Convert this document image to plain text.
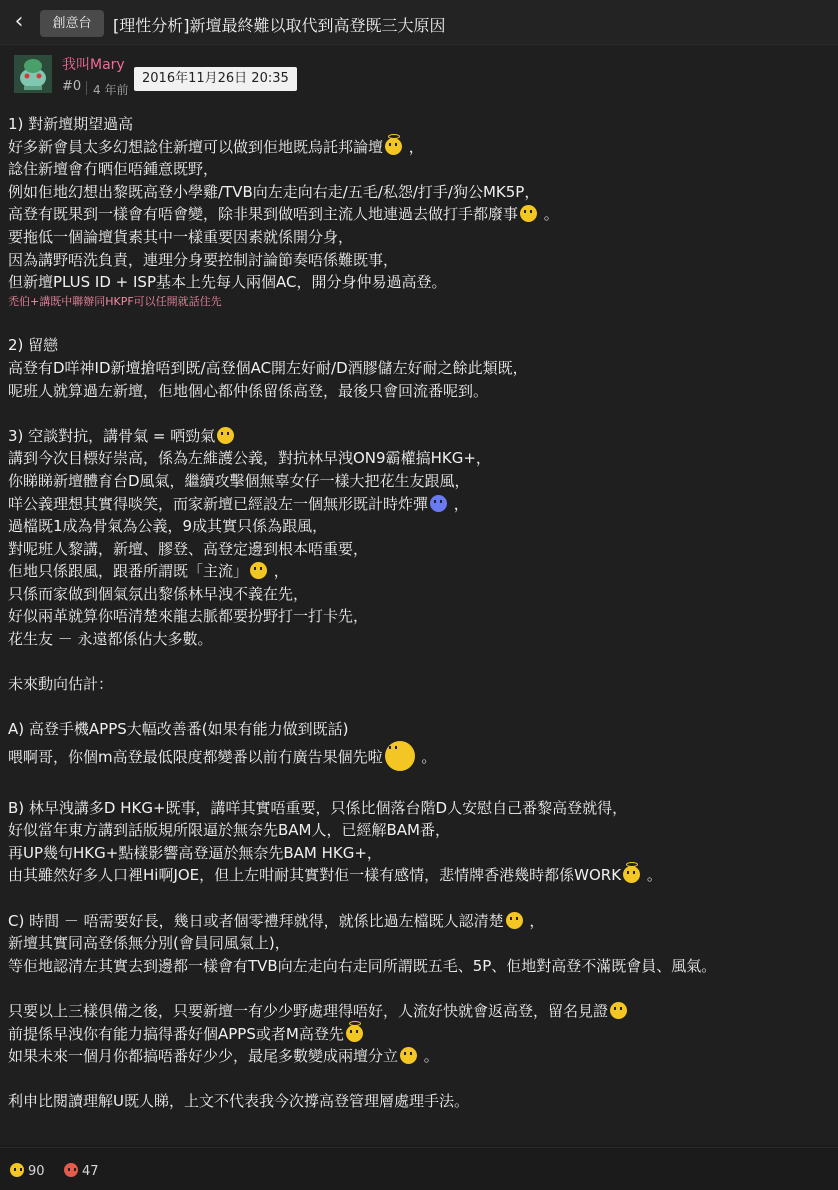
‹	創意台	[理性分析]新壇最終難以取代到高登既三大原因
我叫Mary
#0 4 年前
2016年11月26日 20:35
1) 對新壇期望過高
好多新會員太多幻想諗住新壇可以做到佢地既烏託邦論壇 ，
諗住新壇會冇晒佢唔鍾意既野，
例如佢地幻想出黎既高登小學雞/TVB向左走向右走/五毛/私怨/打手/狗公MK5P，
高登有既果到一樣會有唔會變，除非果到做唔到主流人地連過去做打手都廢事 。
要拖低一個論壇貨素其中一樣重要因素就係開分身，
因為講野唔洗負責，連理分身要控制討論節奏唔係難既事，
但新壇PLUS ID + ISP基本上先每人兩個AC，開分身仲易過高登。
禿伯+講既中聯辦同HKPF可以任開就話住先
2) 留戀
高登有D咩神ID新壇搶唔到既/高登個AC開左好耐/D酒膠儲左好耐之餘此類既，
呢班人就算過左新壇，佢地個心都仲係留係高登，最後只會回流番呢到。
3) 空談對抗，講骨氣 = 哂勁氣
講到今次目標好崇高，係為左維護公義，對抗林早洩ON9霸權搞HKG+，
你睇睇新壇體育台D風氣，繼續攻擊個無辜女仔一樣大把花生友跟風，
咩公義理想其實得啖笑，而家新壇已經設左一個無形既計時炸彈 ，
過檔既1成為骨氣為公義，9成其實只係為跟風，
對呢班人黎講，新壇、膠登、高登定邊到根本唔重要，
佢地只係跟風，跟番所謂既「主流」 ，
只係而家做到個氣氛出黎係林早洩不義在先，
好似兩革就算你唔清楚來龍去脈都要扮野打一打卡先，
花生友 － 永遠都係佔大多數。
未來動向估計：
A) 高登手機APPS大幅改善番(如果有能力做到既話)
喂啊哥，你個m高登最低限度都變番以前冇廣告果個先啦 。
B) 林早洩講多D HKG+既事，講咩其實唔重要，只係比個落台階D人安慰自己番黎高登就得，
好似當年東方講到話版規所限逼於無奈先BAM人，已經解BAM番，
再UP幾句HKG+點樣影響高登逼於無奈先BAM HKG+，
由其雖然好多人口裡Hi啊JOE，但上左咁耐其實對佢一樣有感情，悲情牌香港幾時都係WORK 。
C) 時間 － 唔需要好長，幾日或者個零禮拜就得，就係比過左檔既人認清楚 ，
新壇其實同高登係無分別(會員同風氣上)，
等佢地認清左其實去到邊都一樣會有TVB向左走向右走同所謂既五毛、5P、佢地對高登不滿既會員、風氣。
只要以上三樣俱備之後，只要新壇一有少少野處理得唔好，人流好快就會返高登，留名見證
前提係早洩你有能力搞得番好個APPS或者M高登先
如果未來一個月你都搞唔番好少少，最尾多數變成兩壇分立 。
利申比閱讀理解U既人睇，上文不代表我今次撐高登管理層處理手法。
90	47
